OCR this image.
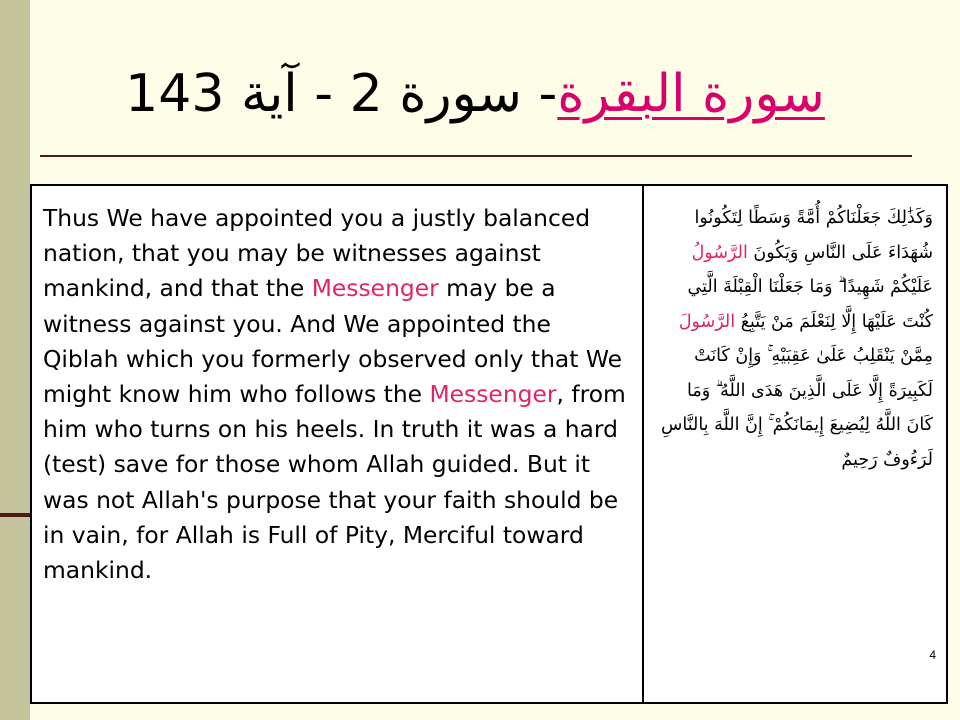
سورة البقرة
- سورة 2 - آية 143
Thus We have appointed you a justly balanced nation, that you may be witnesses against mankind, and that the Messenger may be a witness against you. And We appointed the Qiblah which you formerly observed only that We might know him who follows the Messenger, from him who turns on his heels. In truth it was a hard (test) save for those whom Allah guided. But it was not Allah's purpose that your faith should be in vain, for Allah is Full of Pity, Merciful toward mankind.

وَكَذَٰلِكَ جَعَلْنَاكُمْ أُمَّةً وَسَطًا لِتَكُونُوا شُهَدَاءَ عَلَى النَّاسِ وَيَكُونَ الرَّسُولُ عَلَيْكُمْ شَهِيدًا ۗ وَمَا جَعَلْنَا الْقِبْلَةَ الَّتِي كُنْتَ عَلَيْهَا إِلَّا لِنَعْلَمَ مَنْ يَتَّبِعُ الرَّسُولَ مِمَّنْ يَنْقَلِبُ عَلَىٰ عَقِبَيْهِ ۚ وَإِنْ كَانَتْ لَكَبِيرَةً إِلَّا عَلَى الَّذِينَ هَدَى اللَّهُ ۗ وَمَا كَانَ اللَّهُ لِيُضِيعَ إِيمَانَكُمْ ۚ إِنَّ اللَّهَ بِالنَّاسِ لَرَءُوفٌ رَحِيمٌ
4
